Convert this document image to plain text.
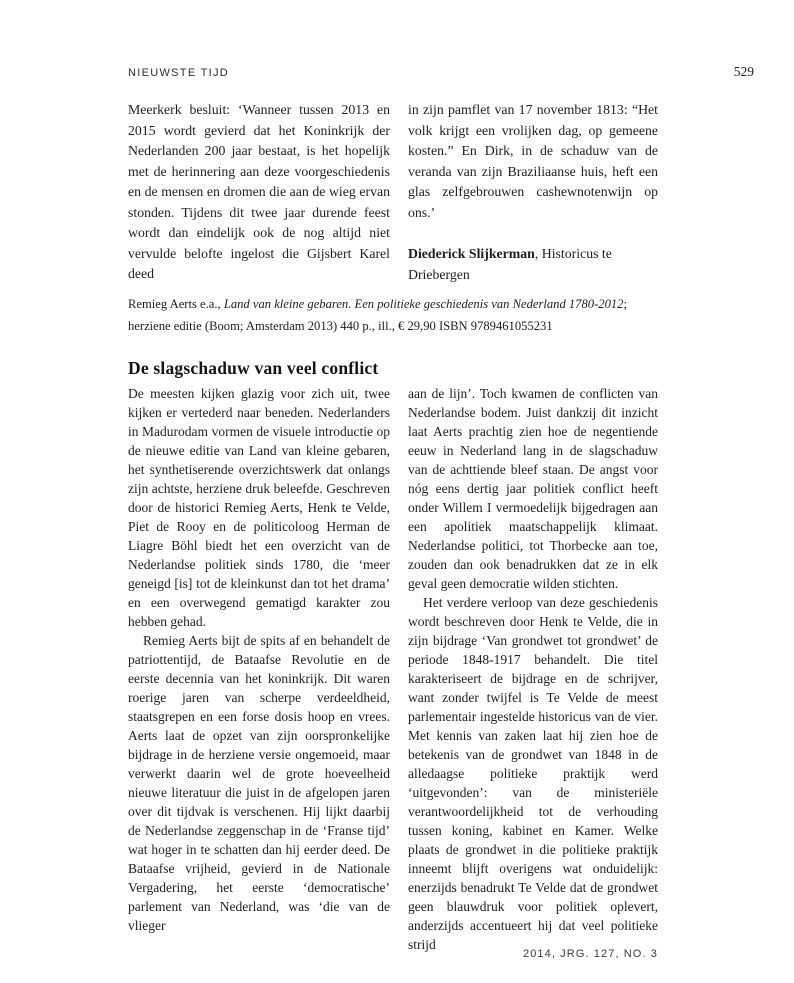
NIEUWSTE TIJD	529

Meerkerk besluit: ‘Wanneer tussen 2013 en 2015 wordt gevierd dat het Koninkrijk der Nederlanden 200 jaar bestaat, is het hopelijk met de herinnering aan deze voorgeschiedenis en de mensen en dromen die aan de wieg ervan stonden. Tijdens dit twee jaar durende feest wordt dan eindelijk ook de nog altijd niet vervulde belofte ingelost die Gijsbert Karel deed

in zijn pamflet van 17 november 1813: “Het volk krijgt een vrolijken dag, op gemeene kosten.” En Dirk, in de schaduw van de veranda van zijn Braziliaanse huis, heft een glas zelfgebrouwen cashewnotenwijn op ons.’

Diederick Slijkerman, Historicus te Driebergen

Remieg Aerts e.a., Land van kleine gebaren. Een politieke geschiedenis van Nederland 1780-2012;
herziene editie (Boom; Amsterdam 2013) 440 p., ill., € 29,90 ISBN 9789461055231
De slagschaduw van veel conflict

De meesten kijken glazig voor zich uit, twee kijken er vertederd naar beneden. Nederlanders in Madurodam vormen de visuele introductie op de nieuwe editie van Land van kleine gebaren, het synthetiserende overzichtswerk dat onlangs zijn achtste, herziene druk beleefde. Geschreven door de historici Remieg Aerts, Henk te Velde, Piet de Rooy en de politicoloog Herman de Liagre Böhl biedt het een overzicht van de Nederlandse politiek sinds 1780, die ‘meer geneigd [is] tot de kleinkunst dan tot het drama’ en een overwegend gematigd karakter zou hebben gehad.

Remieg Aerts bijt de spits af en behandelt de patriottentijd, de Bataafse Revolutie en de eerste decennia van het koninkrijk. Dit waren roerige jaren van scherpe verdeeldheid, staatsgrepen en een forse dosis hoop en vrees. Aerts laat de opzet van zijn oorspronkelijke bijdrage in de herziene versie ongemoeid, maar verwerkt daarin wel de grote hoeveelheid nieuwe literatuur die juist in de afgelopen jaren over dit tijdvak is verschenen. Hij lijkt daarbij de Nederlandse zeggenschap in de ‘Franse tijd’ wat hoger in te schatten dan hij eerder deed. De Bataafse vrijheid, gevierd in de Nationale Vergadering, het eerste ‘democratische’ parlement van Nederland, was ‘die van de vlieger

aan de lijn’. Toch kwamen de conflicten van Nederlandse bodem. Juist dankzij dit inzicht laat Aerts prachtig zien hoe de negentiende eeuw in Nederland lang in de slagschaduw van de achttiende bleef staan. De angst voor nóg eens dertig jaar politiek conflict heeft onder Willem I vermoedelijk bijgedragen aan een apolitiek maatschappelijk klimaat. Nederlandse politici, tot Thorbecke aan toe, zouden dan ook benadrukken dat ze in elk geval geen democratie wilden stichten.

Het verdere verloop van deze geschiedenis wordt beschreven door Henk te Velde, die in zijn bijdrage ‘Van grondwet tot grondwet’ de periode 1848-1917 behandelt. Die titel karakteriseert de bijdrage en de schrijver, want zonder twijfel is Te Velde de meest parlementair ingestelde historicus van de vier. Met kennis van zaken laat hij zien hoe de betekenis van de grondwet van 1848 in de alledaagse politieke praktijk werd ‘uitgevonden’: van de ministeriële verantwoordelijkheid tot de verhouding tussen koning, kabinet en Kamer. Welke plaats de grondwet in die politieke praktijk inneemt blijft overigens wat onduidelijk: enerzijds benadrukt Te Velde dat de grondwet geen blauwdruk voor politiek oplevert, anderzijds accentueert hij dat veel politieke strijd

2014, JRG. 127, NO. 3
